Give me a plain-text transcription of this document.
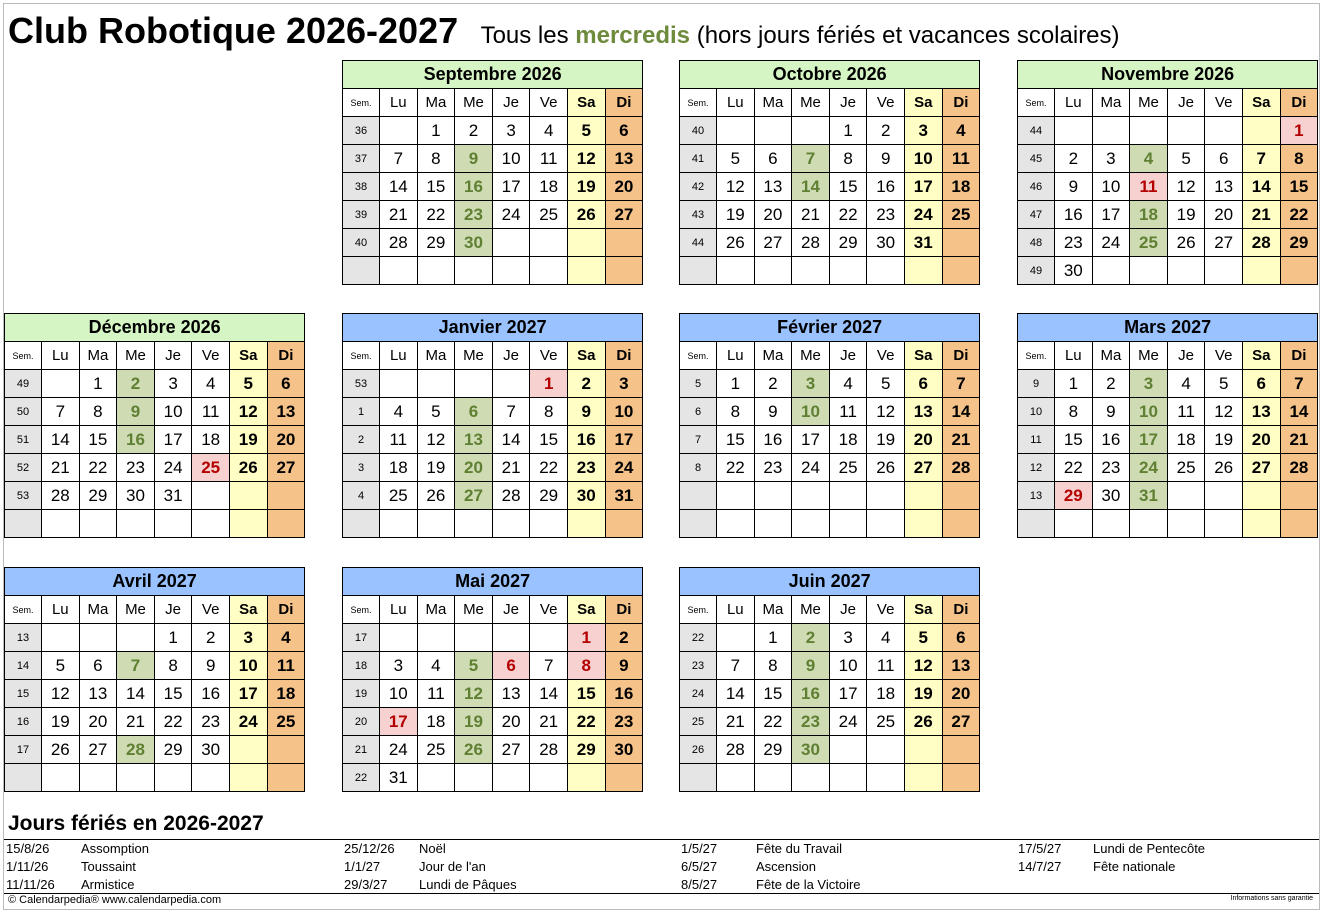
Club Robotique 2026-2027 Tous les mercredis (hors jours fériés et vacances scolaires)
Septembre 2026							
Sem.	Lu	Ma	Me	Je	Ve	Sa	Di
36		1	2	3	4	5	6
37	7	8	9	10	11	12	13
38	14	15	16	17	18	19	20
39	21	22	23	24	25	26	27
40	28	29	30				

Octobre 2026							
Sem.	Lu	Ma	Me	Je	Ve	Sa	Di
40				1	2	3	4
41	5	6	7	8	9	10	11
42	12	13	14	15	16	17	18
43	19	20	21	22	23	24	25
44	26	27	28	29	30	31	

Novembre 2026							
Sem.	Lu	Ma	Me	Je	Ve	Sa	Di
44							1
45	2	3	4	5	6	7	8
46	9	10	11	12	13	14	15
47	16	17	18	19	20	21	22
48	23	24	25	26	27	28	29
49	30						
Décembre 2026							
Sem.	Lu	Ma	Me	Je	Ve	Sa	Di
49		1	2	3	4	5	6
50	7	8	9	10	11	12	13
51	14	15	16	17	18	19	20
52	21	22	23	24	25	26	27
53	28	29	30	31			

Janvier 2027							
Sem.	Lu	Ma	Me	Je	Ve	Sa	Di
53					1	2	3
1	4	5	6	7	8	9	10
2	11	12	13	14	15	16	17
3	18	19	20	21	22	23	24
4	25	26	27	28	29	30	31

Février 2027							
Sem.	Lu	Ma	Me	Je	Ve	Sa	Di
5	1	2	3	4	5	6	7
6	8	9	10	11	12	13	14
7	15	16	17	18	19	20	21
8	22	23	24	25	26	27	28

Mars 2027							
Sem.	Lu	Ma	Me	Je	Ve	Sa	Di
9	1	2	3	4	5	6	7
10	8	9	10	11	12	13	14
11	15	16	17	18	19	20	21
12	22	23	24	25	26	27	28
13	29	30	31				

Avril 2027							
Sem.	Lu	Ma	Me	Je	Ve	Sa	Di
13				1	2	3	4
14	5	6	7	8	9	10	11
15	12	13	14	15	16	17	18
16	19	20	21	22	23	24	25
17	26	27	28	29	30		

Mai 2027							
Sem.	Lu	Ma	Me	Je	Ve	Sa	Di
17						1	2
18	3	4	5	6	7	8	9
19	10	11	12	13	14	15	16
20	17	18	19	20	21	22	23
21	24	25	26	27	28	29	30
22	31						
Juin 2027							
Sem.	Lu	Ma	Me	Je	Ve	Sa	Di
22		1	2	3	4	5	6
23	7	8	9	10	11	12	13
24	14	15	16	17	18	19	20
25	21	22	23	24	25	26	27
26	28	29	30				

Jours fériés en 2026-2027
15/8/26 Assomption
1/11/26	Toussaint
11/11/26 Armistice
25/12/26 Noël
1/1/27	Jour de l'an
29/3/27 Lundi de Pâques
1/5/27	Fête du Travail
6/5/27	Ascension
8/5/27	Fête de la Victoire
17/5/27 Lundi de Pentecôte
14/7/27 Fête nationale
© Calendarpedia® www.calendarpedia.com	Informations sans garantie
